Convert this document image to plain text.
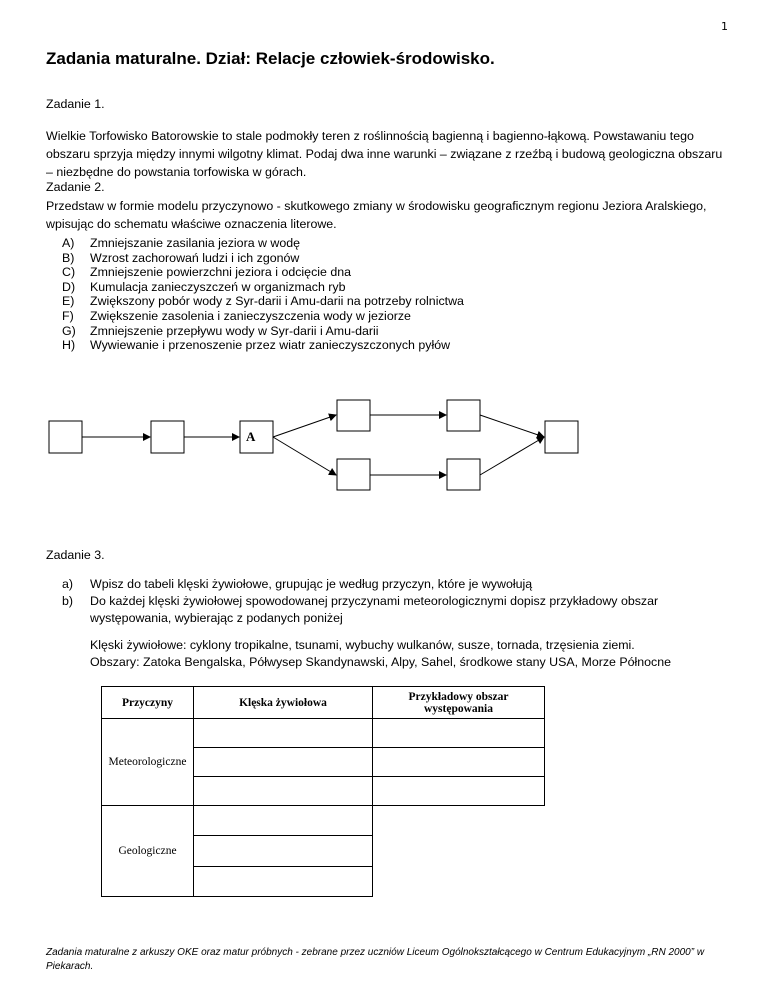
1
Zadania maturalne. Dział: Relacje człowiek-środowisko.

Zadanie 1.

Wielkie Torfowisko Batorowskie to stale podmokły teren z roślinnością bagienną i bagienno-łąkową. Powstawaniu tego obszaru sprzyja między innymi wilgotny klimat. Podaj dwa inne warunki – związane z rzeźbą i budową geologiczna obszaru – niezbędne do powstania torfowiska w górach.

Zadanie 2.

Przedstaw w formie modelu przyczynowo - skutkowego zmiany w środowisku geograficznym regionu Jeziora Aralskiego, wpisując do schematu właściwe oznaczenia literowe.

A)	Zmniejszanie zasilania jeziora w wodę
B)	Wzrost zachorowań ludzi i ich zgonów
C)	Zmniejszenie powierzchni jeziora i odcięcie dna
D)	Kumulacja zanieczyszczeń w organizmach ryb
E)	Zwiększony pobór wody z Syr-darii i Amu-darii na potrzeby rolnictwa
F)	Zwiększenie zasolenia i zanieczyszczenia wody w jeziorze
G)	Zmniejszenie przepływu wody w Syr-darii i Amu-darii
H)	Wywiewanie i przenoszenie przez wiatr zanieczyszczonych pyłów
A

Zadanie 3.

a)	Wpisz do tabeli klęski żywiołowe, grupując je według przyczyn, które je wywołują
b)	Do każdej klęski żywiołowej spowodowanej przyczynami meteorologicznymi dopisz przykładowy obszar występowania, wybierając z podanych poniżej
Klęski żywiołowe: cyklony tropikalne, tsunami, wybuchy wulkanów, susze, tornada, trzęsienia ziemi.
Obszary: Zatoka Bengalska, Półwysep Skandynawski, Alpy, Sahel, środkowe stany USA, Morze Północne
Przyczyny	Klęska żywiołowa	Przykładowy obszar występowania
Meteorologiczne		

Geologiczne		

Zadania maturalne z arkuszy OKE oraz matur próbnych - zebrane przez uczniów Liceum Ogólnokształcącego w Centrum Edukacyjnym „RN 2000” w Piekarach.
